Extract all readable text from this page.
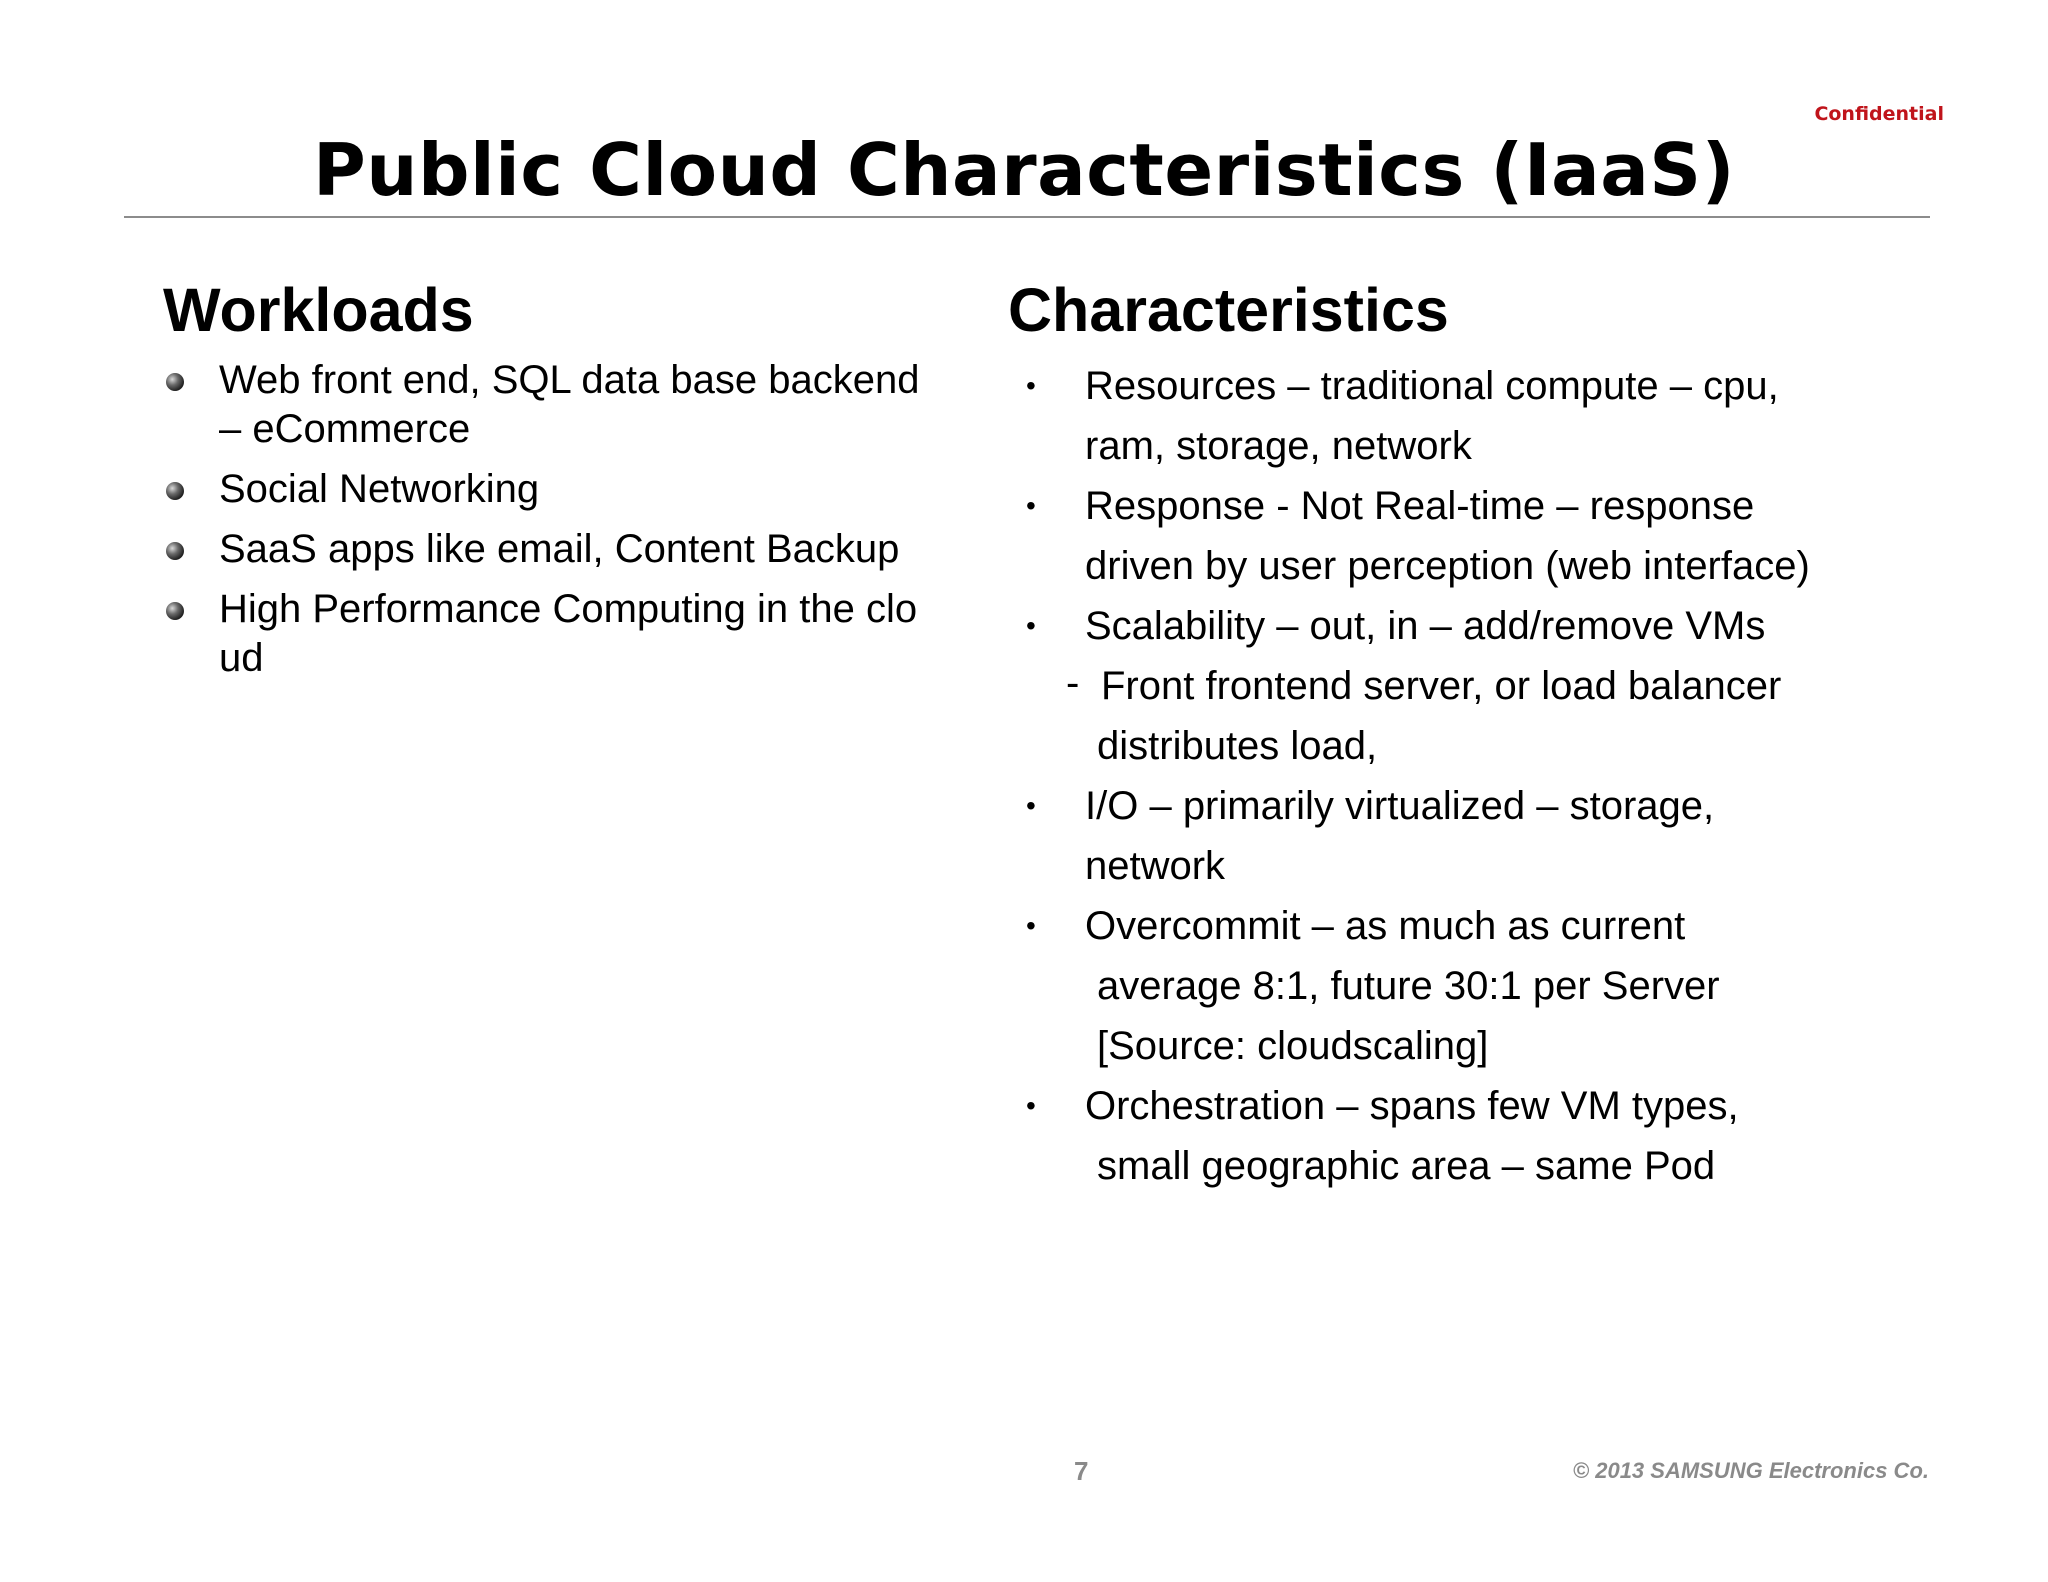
Confidential
Public Cloud Characteristics (IaaS)
Workloads
Web front end, SQL data base backend
– eCommerce
Social Networking
SaaS apps like email, Content Backup
High Performance Computing in the clo
ud
Characteristics
• Resources – traditional compute – cpu,
ram, storage, network
• Response - Not Real-time – response
driven by user perception (web interface)
• Scalability – out, in – add/remove VMs
- Front frontend server, or load balancer
distributes load,
• I/O – primarily virtualized – storage,
network
• Overcommit – as much as current
average 8:1, future 30:1 per Server
[Source: cloudscaling]
• Orchestration – spans few VM types,
small geographic area – same Pod
7	© 2013 SAMSUNG Electronics Co.
